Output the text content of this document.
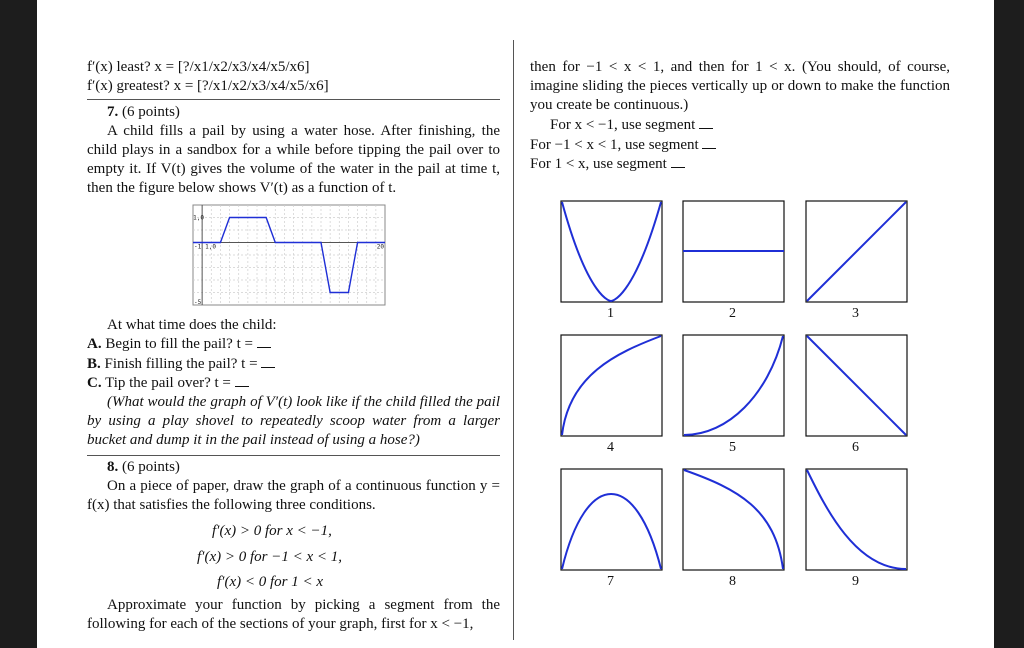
f′(x) least? x = [?/x1/x2/x3/x4/x5/x6]
f′(x) greatest? x = [?/x1/x2/x3/x4/x5/x6]
7. (6 points)
A child fills a pail by using a water hose. After finishing, the child plays in a sandbox for a while before tipping the pail over to empty it. If V(t) gives the volume of the water in the pail at time t, then the figure below shows V′(t) as a function of t.
1,0
-1 1,0	20
-5
At what time does the child:
A. Begin to fill the pail? t =
B. Finish filling the pail? t =
C. Tip the pail over? t =
(What would the graph of V′(t) look like if the child filled the pail by using a play shovel to repeatedly scoop water from a larger bucket and dump it in the pail instead of using a hose?)
8. (6 points)
On a piece of paper, draw the graph of a continuous function y = f(x) that satisfies the following three conditions.
f′(x) > 0 for x < −1,
f′(x) > 0 for −1 < x < 1,
f′(x) < 0 for 1 < x
Approximate your function by picking a segment from the following for each of the sections of your graph, first for x < −1,
then for −1 < x < 1, and then for 1 < x. (You should, of course, imagine sliding the pieces vertically up or down to make the function you create be continuous.)
For x < −1, use segment
For −1 < x < 1, use segment
For 1 < x, use segment
1	2	3
4	5	6
7	8	9
